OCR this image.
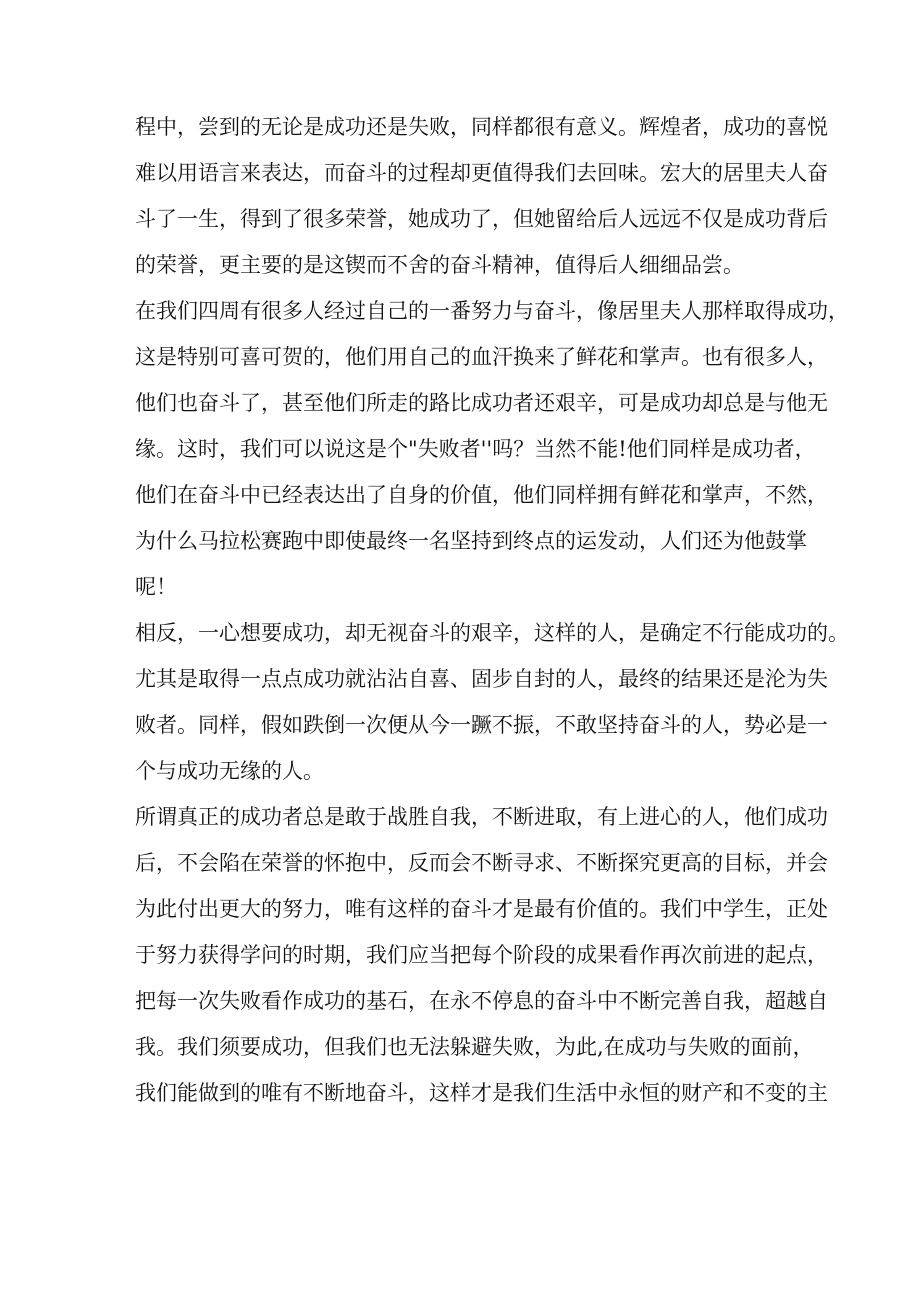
程中，尝到的无论是成功还是失败，同样都很有意义。辉煌者，成功的喜悦
难以用语言来表达，而奋斗的过程却更值得我们去回味。宏大的居里夫人奋
斗了一生，得到了很多荣誉，她成功了，但她留给后人远远不仅是成功背后
的荣誉，更主要的是这锲而不舍的奋斗精神，值得后人细细品尝。
在我们四周有很多人经过自己的一番努力与奋斗，像居里夫人那样取得成功，
这是特别可喜可贺的，他们用自己的血汗换来了鲜花和掌声。也有很多人，
他们也奋斗了，甚至他们所走的路比成功者还艰辛，可是成功却总是与他无
缘。这时，我们可以说这是个"失败者''吗？当然不能!他们同样是成功者，
他们在奋斗中已经表达出了自身的价值，他们同样拥有鲜花和掌声，不然，
为什么马拉松赛跑中即使最终一名坚持到终点的运发动，人们还为他鼓掌
呢！
相反，一心想要成功，却无视奋斗的艰辛，这样的人，是确定不行能成功的。
尤其是取得一点点成功就沾沾自喜、固步自封的人，最终的结果还是沦为失
败者。同样，假如跌倒一次便从今一蹶不振，不敢坚持奋斗的人，势必是一
个与成功无缘的人。
所谓真正的成功者总是敢于战胜自我，不断进取，有上进心的人，他们成功
后，不会陷在荣誉的怀抱中，反而会不断寻求、不断探究更高的目标，并会
为此付出更大的努力，唯有这样的奋斗才是最有价值的。我们中学生，正处
于努力获得学问的时期，我们应当把每个阶段的成果看作再次前进的起点，
把每一次失败看作成功的基石，在永不停息的奋斗中不断完善自我，超越自
我。我们须要成功，但我们也无法躲避失败，为此,在成功与失败的面前，
我们能做到的唯有不断地奋斗，这样才是我们生活中永恒的财产和不变的主
